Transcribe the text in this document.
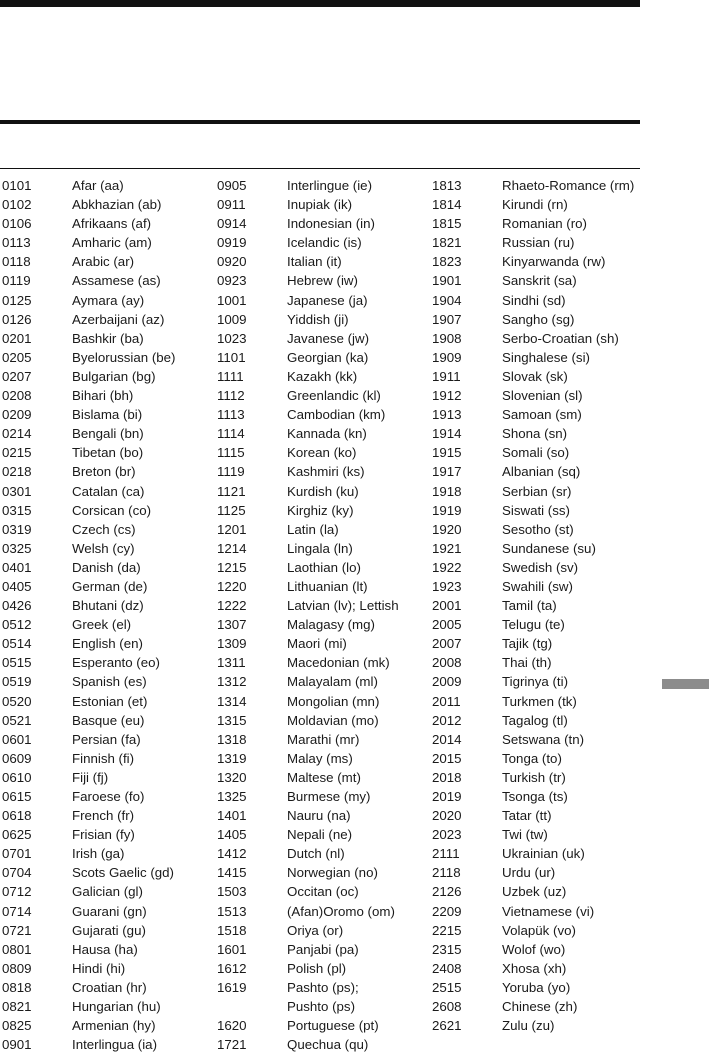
0101	Afar (aa)
0102	Abkhazian (ab)
0106	Afrikaans (af)
0113	Amharic (am)
0118	Arabic (ar)
0119	Assamese (as)
0125	Aymara (ay)
0126	Azerbaijani (az)
0201	Bashkir (ba)
0205	Byelorussian (be)
0207	Bulgarian (bg)
0208	Bihari (bh)
0209	Bislama (bi)
0214	Bengali (bn)
0215	Tibetan (bo)
0218	Breton (br)
0301	Catalan (ca)
0315	Corsican (co)
0319	Czech (cs)
0325	Welsh (cy)
0401	Danish (da)
0405	German (de)
0426	Bhutani (dz)
0512	Greek (el)
0514	English (en)
0515	Esperanto (eo)
0519	Spanish (es)
0520	Estonian (et)
0521	Basque (eu)
0601	Persian (fa)
0609	Finnish (fi)
0610	Fiji (fj)
0615	Faroese (fo)
0618	French (fr)
0625	Frisian (fy)
0701	Irish (ga)
0704	Scots Gaelic (gd)
0712	Galician (gl)
0714	Guarani (gn)
0721	Gujarati (gu)
0801	Hausa (ha)
0809	Hindi (hi)
0818	Croatian (hr)
0821	Hungarian (hu)
0825	Armenian (hy)
0901	Interlingua (ia)
0905	Interlingue (ie)
0911	Inupiak (ik)
0914	Indonesian (in)
0919	Icelandic (is)
0920	Italian (it)
0923	Hebrew (iw)
1001	Japanese (ja)
1009	Yiddish (ji)
1023	Javanese (jw)
1101	Georgian (ka)
1111	Kazakh (kk)
1112	Greenlandic (kl)
1113	Cambodian (km)
1114	Kannada (kn)
1115	Korean (ko)
1119	Kashmiri (ks)
1121	Kurdish (ku)
1125	Kirghiz (ky)
1201	Latin (la)
1214	Lingala (ln)
1215	Laothian (lo)
1220	Lithuanian (lt)
1222	Latvian (lv); Lettish
1307	Malagasy (mg)
1309	Maori (mi)
1311	Macedonian (mk)
1312	Malayalam (ml)
1314	Mongolian (mn)
1315	Moldavian (mo)
1318	Marathi (mr)
1319	Malay (ms)
1320	Maltese (mt)
1325	Burmese (my)
1401	Nauru (na)
1405	Nepali (ne)
1412	Dutch (nl)
1415	Norwegian (no)
1503	Occitan (oc)
1513	(Afan)Oromo (om)
1518	Oriya (or)
1601	Panjabi (pa)
1612	Polish (pl)
1619	Pashto (ps);
Pushto (ps)
1620	Portuguese (pt)
1721	Quechua (qu)
1813	Rhaeto-Romance (rm)
1814	Kirundi (rn)
1815	Romanian (ro)
1821	Russian (ru)
1823	Kinyarwanda (rw)
1901	Sanskrit (sa)
1904	Sindhi (sd)
1907	Sangho (sg)
1908	Serbo-Croatian (sh)
1909	Singhalese (si)
1911	Slovak (sk)
1912	Slovenian (sl)
1913	Samoan (sm)
1914	Shona (sn)
1915	Somali (so)
1917	Albanian (sq)
1918	Serbian (sr)
1919	Siswati (ss)
1920	Sesotho (st)
1921	Sundanese (su)
1922	Swedish (sv)
1923	Swahili (sw)
2001	Tamil (ta)
2005	Telugu (te)
2007	Tajik (tg)
2008	Thai (th)
2009	Tigrinya (ti)
2011	Turkmen (tk)
2012	Tagalog (tl)
2014	Setswana (tn)
2015	Tonga (to)
2018	Turkish (tr)
2019	Tsonga (ts)
2020	Tatar (tt)
2023	Twi (tw)
2111	Ukrainian (uk)
2118	Urdu (ur)
2126	Uzbek (uz)
2209	Vietnamese (vi)
2215	Volapük (vo)
2315	Wolof (wo)
2408	Xhosa (xh)
2515	Yoruba (yo)
2608	Chinese (zh)
2621	Zulu (zu)
